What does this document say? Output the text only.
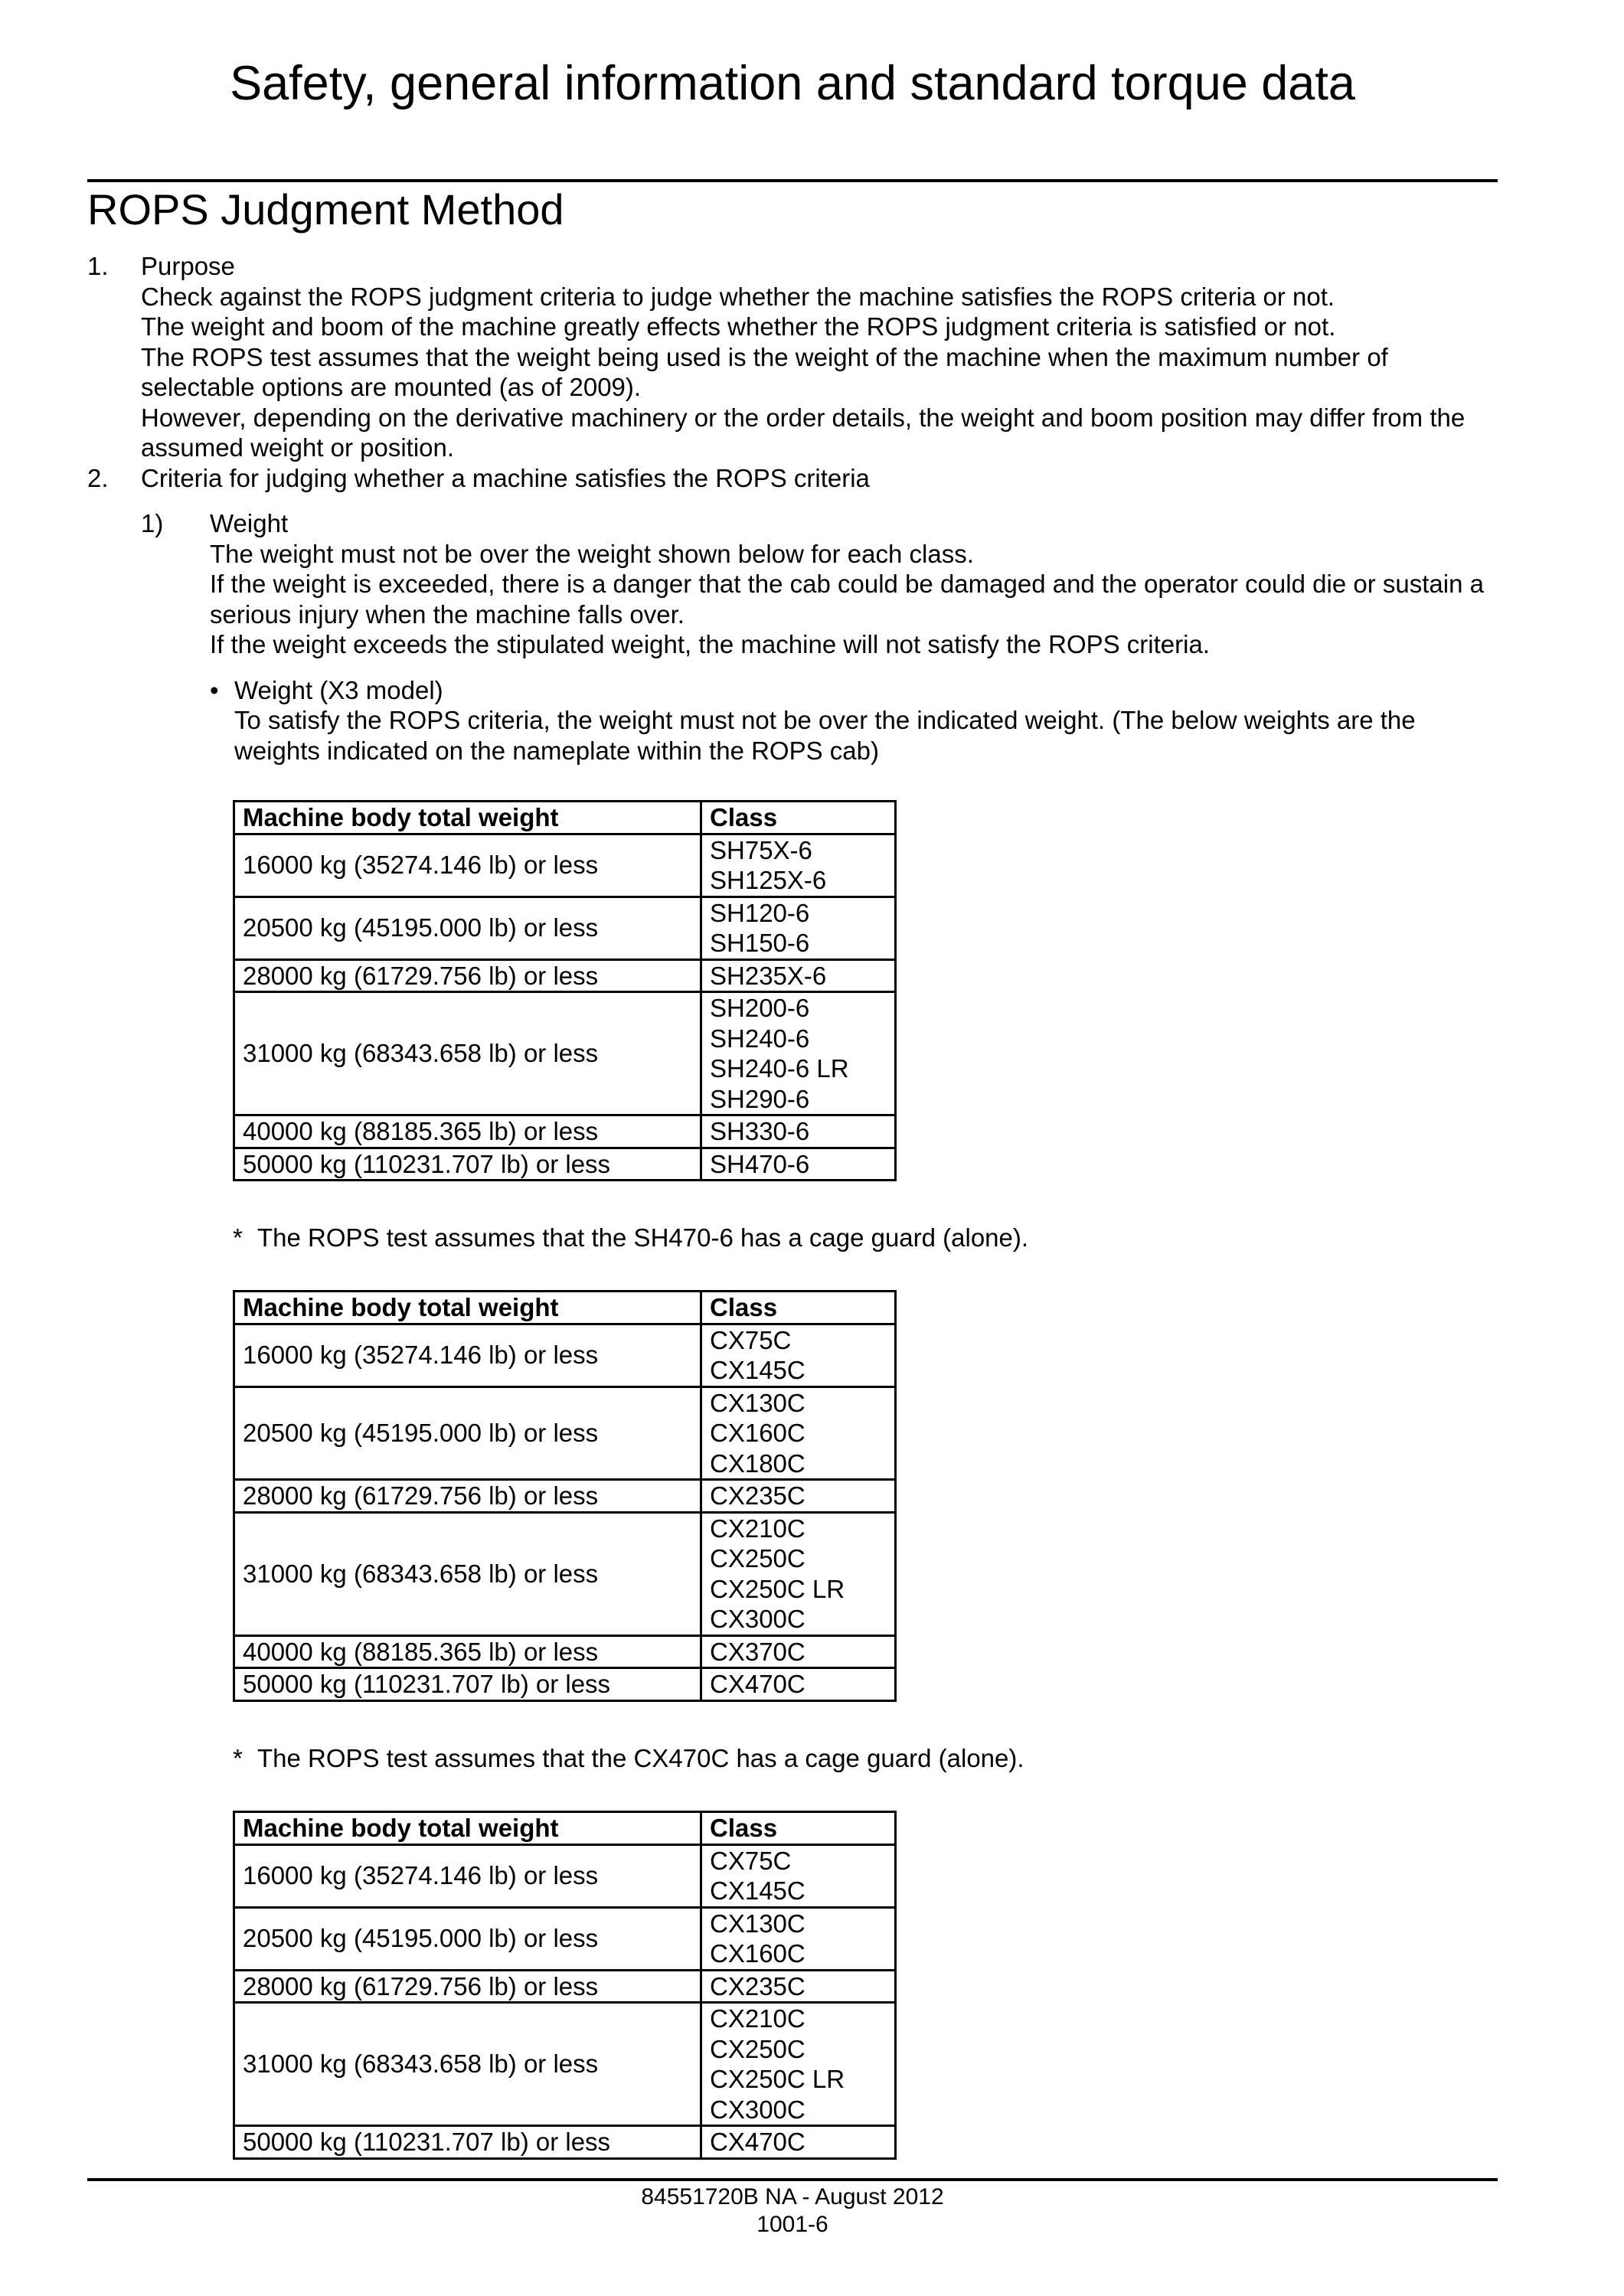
Safety, general information and standard torque data
ROPS Judgment Method
1.	Purpose
Check against the ROPS judgment criteria to judge whether the machine satisfies the ROPS criteria or not.
The weight and boom of the machine greatly effects whether the ROPS judgment criteria is satisfied or not.
The ROPS test assumes that the weight being used is the weight of the machine when the maximum number of selectable options are mounted (as of 2009).
However, depending on the derivative machinery or the order details, the weight and boom position may differ from the assumed weight or position.
2.	Criteria for judging whether a machine satisfies the ROPS criteria
1)	Weight
The weight must not be over the weight shown below for each class.
If the weight is exceeded, there is a danger that the cab could be damaged and the operator could die or sustain a serious injury when the machine falls over.
If the weight exceeds the stipulated weight, the machine will not satisfy the ROPS criteria.
• Weight (X3 model)
To satisfy the ROPS criteria, the weight must not be over the indicated weight. (The below weights are the weights indicated on the nameplate within the ROPS cab)
Machine body total weight	Class
16000 kg (35274.146 lb) or less	SH75X-6
SH125X-6

20500 kg (45195.000 lb) or less	SH120-6
SH150-6

28000 kg (61729.756 lb) or less	SH235X-6

31000 kg (68343.658 lb) or less	SH200-6
SH240-6
SH240-6 LR
SH290-6

40000 kg (88185.365 lb) or less	SH330-6

50000 kg (110231.707 lb) or less	SH470-6
* The ROPS test assumes that the SH470-6 has a cage guard (alone).
Machine body total weight	Class
16000 kg (35274.146 lb) or less	CX75C
CX145C

20500 kg (45195.000 lb) or less	CX130C
CX160C
CX180C

28000 kg (61729.756 lb) or less	CX235C

31000 kg (68343.658 lb) or less	CX210C
CX250C
CX250C LR
CX300C

40000 kg (88185.365 lb) or less	CX370C

50000 kg (110231.707 lb) or less	CX470C
* The ROPS test assumes that the CX470C has a cage guard (alone).
Machine body total weight	Class
16000 kg (35274.146 lb) or less	CX75C
CX145C

20500 kg (45195.000 lb) or less	CX130C
CX160C

28000 kg (61729.756 lb) or less	CX235C

31000 kg (68343.658 lb) or less	CX210C
CX250C
CX250C LR
CX300C

50000 kg (110231.707 lb) or less	CX470C
84551720B NA - August 2012
1001-6
